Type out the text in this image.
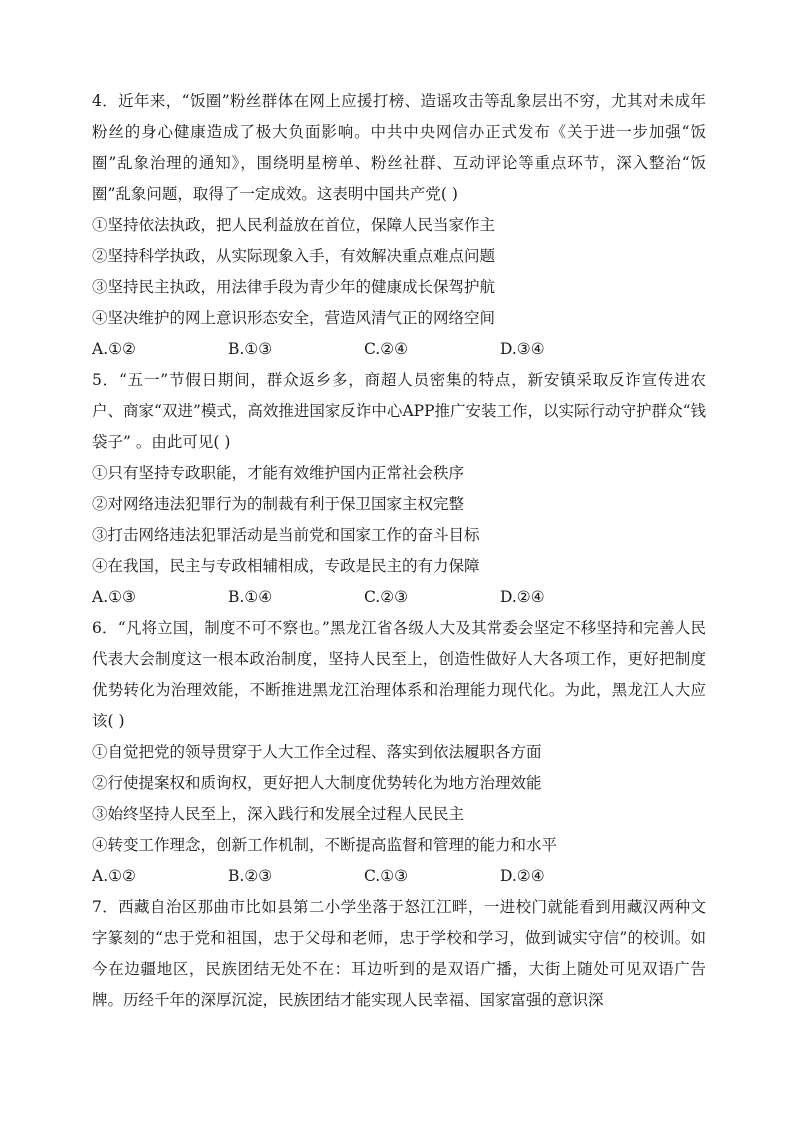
4．近年来，“饭圈”粉丝群体在网上应援打榜、造谣攻击等乱象层出不穷，尤其对未成年粉丝的身心健康造成了极大负面影响。中共中央网信办正式发布《关于进一步加强“饭圈”乱象治理的通知》，围绕明星榜单、粉丝社群、互动评论等重点环节，深入整治“饭圈”乱象问题，取得了一定成效。这表明中国共产党( )

①坚持依法执政，把人民利益放在首位，保障人民当家作主

②坚持科学执政，从实际现象入手，有效解决重点难点问题

③坚持民主执政，用法律手段为青少年的健康成长保驾护航

④坚决维护的网上意识形态安全，营造风清气正的网络空间

A.①②	B.①③	C.②④	D.③④

5．“五一”节假日期间，群众返乡多，商超人员密集的特点，新安镇采取反诈宣传进农户、商家“双进”模式，高效推进国家反诈中心APP推广安装工作，以实际行动守护群众“钱袋子” 。由此可见( )

①只有坚持专政职能，才能有效维护国内正常社会秩序

②对网络违法犯罪行为的制裁有利于保卫国家主权完整

③打击网络违法犯罪活动是当前党和国家工作的奋斗目标

④在我国，民主与专政相辅相成，专政是民主的有力保障

A.①③	B.①④	C.②③	D.②④

6．“凡将立国，制度不可不察也。”黑龙江省各级人大及其常委会坚定不移坚持和完善人民代表大会制度这一根本政治制度，坚持人民至上，创造性做好人大各项工作，更好把制度优势转化为治理效能，不断推进黑龙江治理体系和治理能力现代化。为此，黑龙江人大应该( )

①自觉把党的领导贯穿于人大工作全过程、落实到依法履职各方面

②行使提案权和质询权，更好把人大制度优势转化为地方治理效能

③始终坚持人民至上，深入践行和发展全过程人民民主

④转变工作理念，创新工作机制，不断提高监督和管理的能力和水平

A.①②	B.②③	C.①③	D.②④

7．西藏自治区那曲市比如县第二小学坐落于怒江江畔，一进校门就能看到用藏汉两种文字篆刻的“忠于党和祖国，忠于父母和老师，忠于学校和学习，做到诚实守信”的校训。如今在边疆地区，民族团结无处不在：耳边听到的是双语广播，大街上随处可见双语广告牌。历经千年的深厚沉淀，民族团结才能实现人民幸福、国家富强的意识深
